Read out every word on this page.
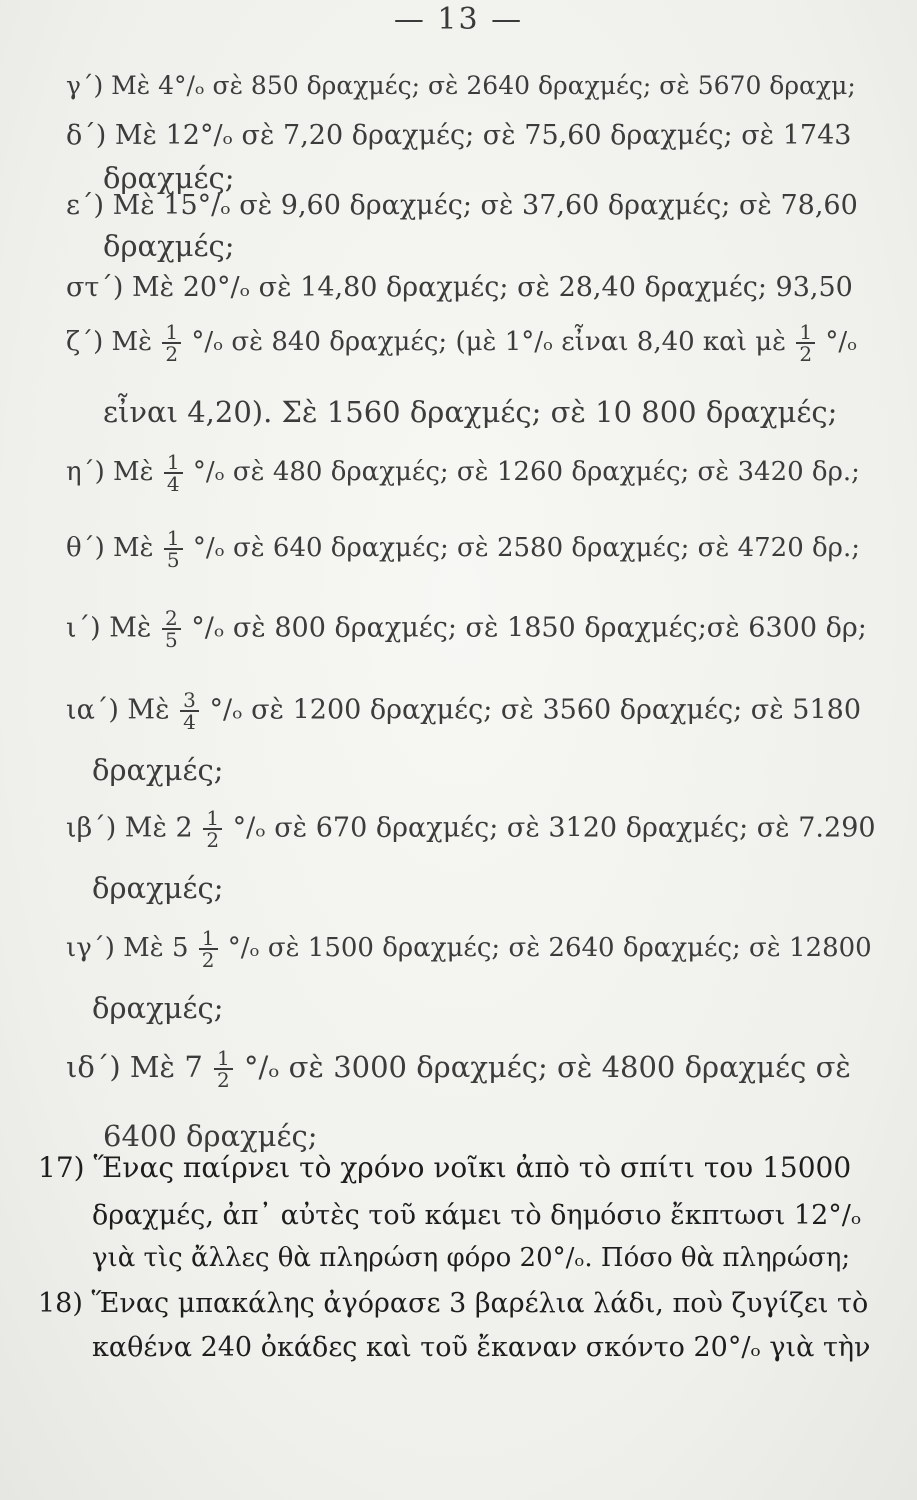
— 13 —
γ΄) Μὲ 4°/ₒ σὲ 850 δραχμές; σὲ 2640 δραχμές; σὲ 5670 δραχμ;
δ΄) Μὲ 12°/ₒ σὲ 7,20 δραχμές; σὲ 75,60 δραχμές; σὲ 1743
δραχμές;
ε΄) Μὲ 15°/ₒ σὲ 9,60 δραχμές; σὲ 37,60 δραχμές; σὲ 78,60
δραχμές;
στ΄) Μὲ 20°/ₒ σὲ 14,80 δραχμές; σὲ 28,40 δραχμές; 93,50
ζ΄) Μὲ $\frac{1}{2} ^\circ/_o$ σὲ 840 δραχμές; (μὲ 1°/ₒ εἶναι 8,40 καὶ μὲ $\frac{1}{2} ^\circ/_o$
εἶναι 4,20). Σὲ 1560 δραχμές; σὲ 10 800 δραχμές;
η΄) Μὲ $\frac{1}{4} ^\circ/_o$ σὲ 480 δραχμές; σὲ 1260 δραχμές; σὲ 3420 δρ.;
θ΄) Μὲ $\frac{1}{5} ^\circ/_o$ σὲ 640 δραχμές; σὲ 2580 δραχμές; σὲ 4720 δρ.;
ι΄) Μὲ $\frac{2}{5} ^\circ/_o$ σὲ 800 δραχμές; σὲ 1850 δραχμές;σὲ 6300 δρ;
ια΄) Μὲ $\frac{3}{4} ^\circ/_o$ σὲ 1200 δραχμές; σὲ 3560 δραχμές; σὲ 5180
δραχμές;
ιβ΄) Μὲ $2 \frac{1}{2} ^\circ/_o$ σὲ 670 δραχμές; σὲ 3120 δραχμές; σὲ 7.290
δραχμές;
ιγ΄) Μὲ $5 \frac{1}{2} ^\circ/_o$ σὲ 1500 δραχμές; σὲ 2640 δραχμές; σὲ 12800
δραχμές;
ιδ΄) Μὲ $7 \frac{1}{2} ^\circ/_o$ σὲ 3000 δραχμές; σὲ 4800 δραχμές σὲ
6400 δραχμές;
17) Ἕνας παίρνει τὸ χρόνο νοῖκι ἀπὸ τὸ σπίτι του 15000
δραχμές, ἀπ᾽ αὐτὲς τοῦ κάμει τὸ δημόσιο ἔκπτωσι 12°/ₒ
γιὰ τὶς ἄλλες θὰ πληρώση φόρο 20°/ₒ. Πόσο θὰ πληρώση;
18) Ἕνας μπακάλης ἀγόρασε 3 βαρέλια λάδι, ποὺ ζυγίζει τὸ
καθένα 240 ὀκάδες καὶ τοῦ ἔκαναν σκόντο 20°/ₒ γιὰ τὴν
